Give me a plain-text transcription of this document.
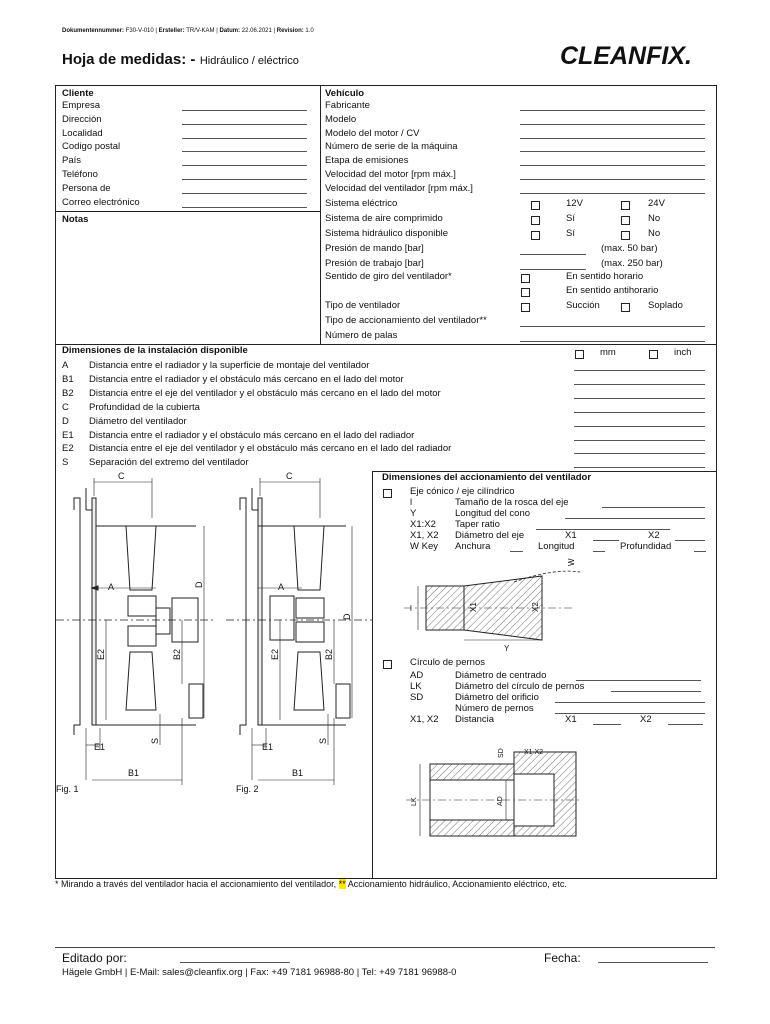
Dokumentennummer: F30-V-010 | Ersteller: TR/V-KAM | Datum: 22.06.2021 | Revision: 1.0
Hoja de medidas: - Hidráulico / eléctrico	CLEANFIX.
Cliente
Empresa
Dirección
Localidad
Codigo postal
País
Teléfono
Persona de
Correo electrónico
Notas
Vehículo
Fabricante
Modelo
Modelo del motor / CV
Número de serie de la máquina
Etapa de emisiones
Velocidad del motor [rpm máx.]
Velocidad del ventilador [rpm máx.]
Sistema eléctrico	12V	24V
Sistema de aire comprimido	Sí	No
Sistema hidráulico disponible	Sí	No
Presión de mando [bar]	(max. 50 bar)
Presión de trabajo [bar]	(max. 250 bar)
Sentido de giro del ventilador*	En sentido horario
En sentido antihorario
Tipo de ventilador	Succión	Soplado
Tipo de accionamiento del ventilador**
Número de palas
Dimensiones de la instalación disponible	mm	inch
A Distancia entre el radiador y la superficie de montaje del ventilador
B1 Distancia entre el radiador y el obstáculo más cercano en el lado del motor
B2 Distancia entre el eje del ventilador y el obstáculo más cercano en el lado del motor
C Profundidad de la cubierta
D Diámetro del ventilador
E1 Distancia entre el radiador y el obstáculo más cercano en el lado del radiador
E2 Distancia entre el eje del ventilador y el obstáculo más cercano en el lado del radiador
S Separación del extremo del ventilador
Dimensiones del accionamiento del ventilador
Eje cónico / eje cilíndrico
l	Tamaño de la rosca del eje
Y	Longitud del cono
X1:X2 Taper ratio
X1, X2 Diámetro del eje	X1	X2
W Key Anchura	Longitud	Profundidad
Círculo de pernos
AD	Diámetro de centrado
LK	Diámetro del círculo de pernos
SD	Diámetro del orificio
Número de pernos
X1, X2 Distancia	X1	X2
C
A	D
E2	B2
S
E1
B1
Fig. 1
C
A
D
E2	B2
S
E1
B1
Fig. 2
l
Y
X1	X2
W
SD	X1 X2
LK	AD
* Mirando a través del ventilador hacia el accionamiento del ventilador, ** Accionamiento hidráulico, Accionamiento eléctrico, etc.
Editado por:	Fecha:
Hägele GmbH | E-Mail: sales@cleanfix.org | Fax: +49 7181 96988-80 | Tel: +49 7181 96988-0
